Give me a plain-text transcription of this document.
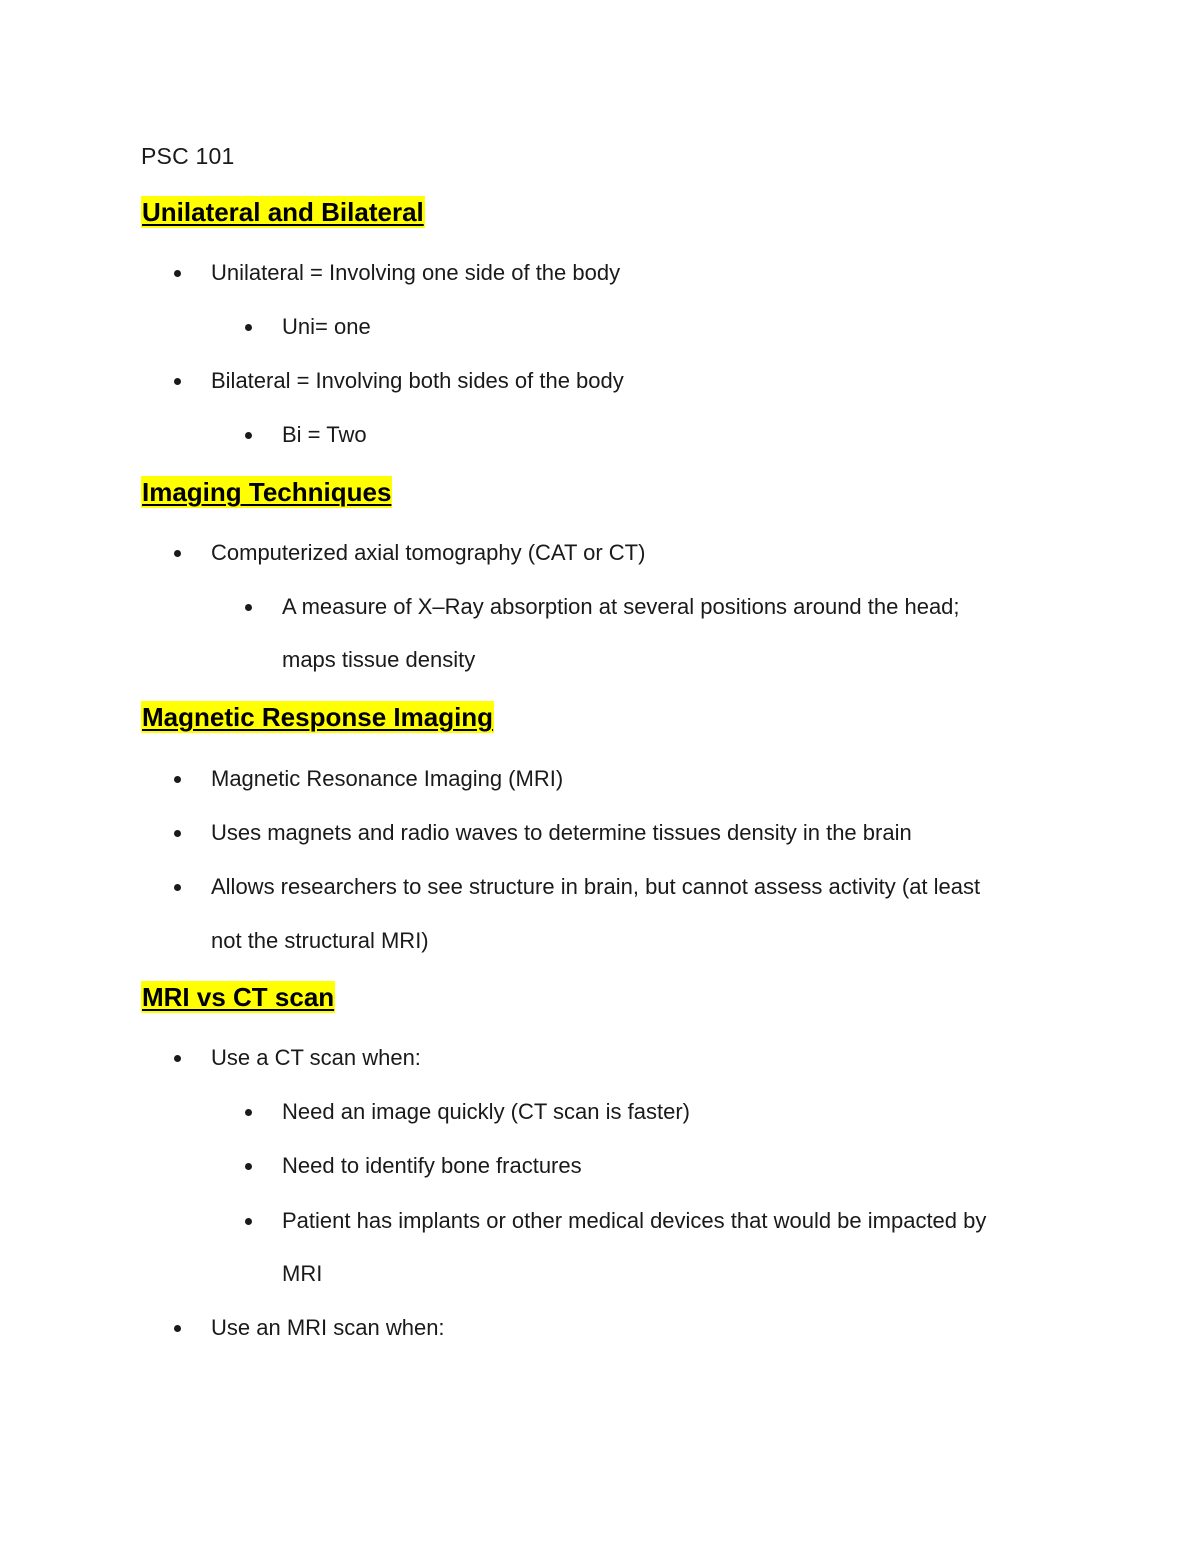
PSC 101
Unilateral and Bilateral
Unilateral = Involving one side of the body
Uni= one
Bilateral = Involving both sides of the body
Bi = Two
Imaging Techniques
Computerized axial tomography (CAT or CT)
A measure of X–Ray absorption at several positions around the head;
maps tissue density
Magnetic Response Imaging
Magnetic Resonance Imaging (MRI)
Uses magnets and radio waves to determine tissues density in the brain
Allows researchers to see structure in brain, but cannot assess activity (at least
not the structural MRI)
MRI vs CT scan
Use a CT scan when:
Need an image quickly (CT scan is faster)
Need to identify bone fractures
Patient has implants or other medical devices that would be impacted by
MRI
Use an MRI scan when:
